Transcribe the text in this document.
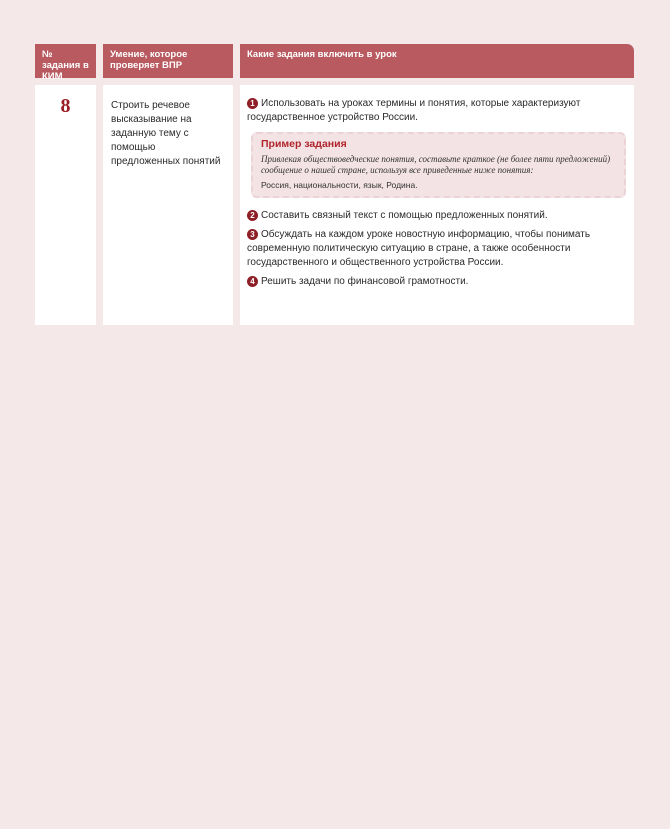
№ задания в КИМ
8
Умение, которое проверяет ВПР
Строить речевое высказывание на заданную тему с помощью предложенных понятий
Какие задания включить в урок
1 Использовать на уроках термины и понятия, которые характеризуют государственное устройство России.
Пример задания
Привлекая обществоведческие понятия, составьте краткое (не более пяти предложений) сообщение о нашей стране, используя все приведенные ниже понятия:
Россия, национальности, язык, Родина.
2 Составить связный текст с помощью предложенных понятий.
3 Обсуждать на каждом уроке новостную информацию, чтобы понимать современную политическую ситуацию в стране, а также особенности государственного и общественного устройства России.
4 Решить задачи по финансовой грамотности.
